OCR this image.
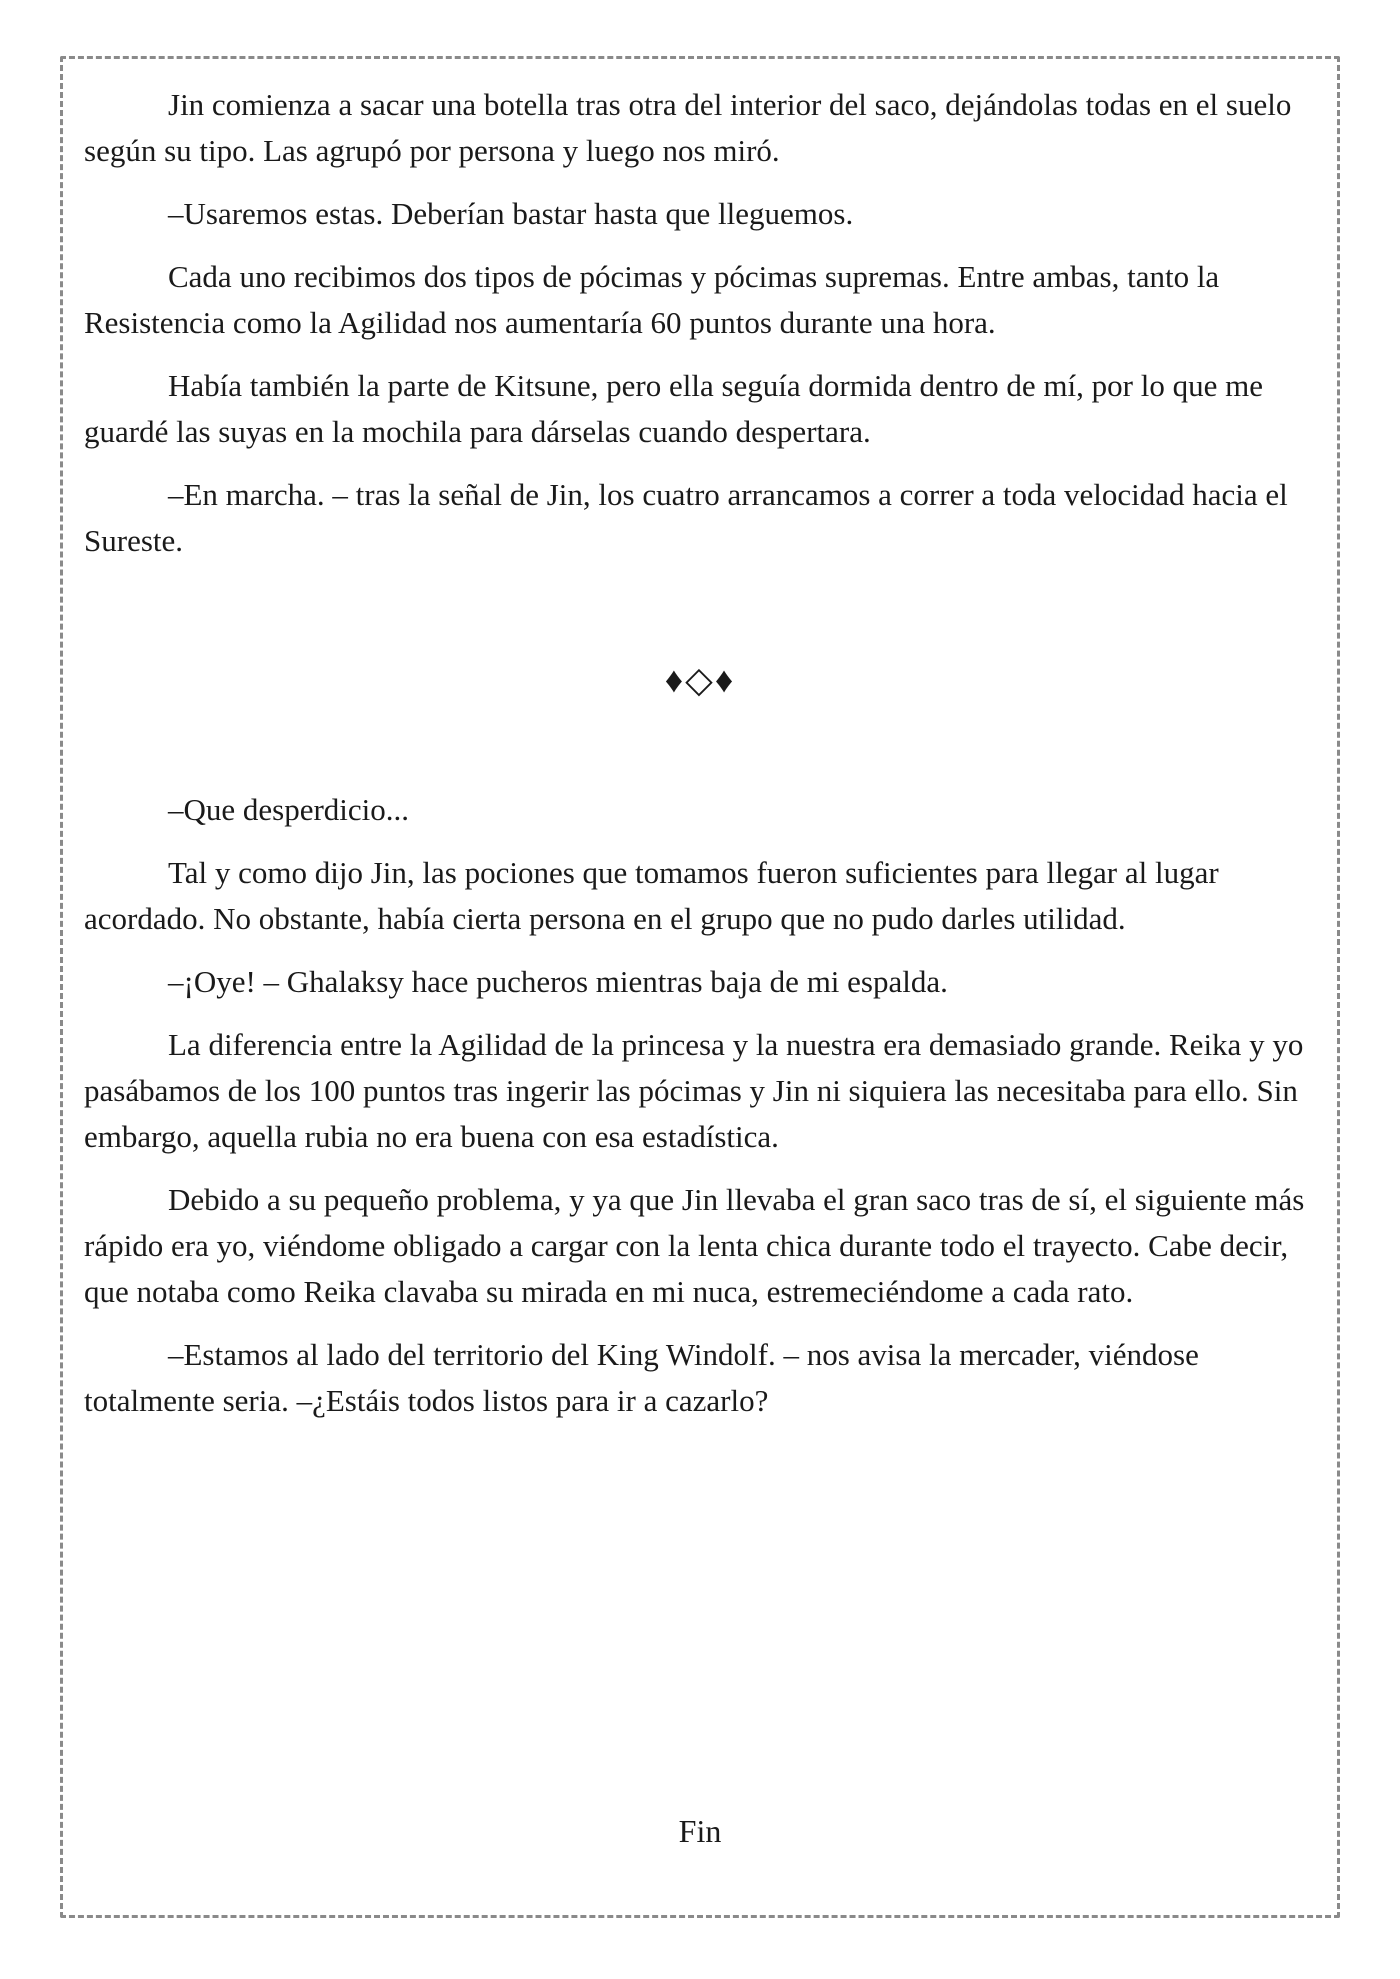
Jin comienza a sacar una botella tras otra del interior del saco, dejándolas todas en el suelo según su tipo. Las agrupó por persona y luego nos miró.

–Usaremos estas. Deberían bastar hasta que lleguemos.

Cada uno recibimos dos tipos de pócimas y pócimas supremas. Entre ambas, tanto la Resistencia como la Agilidad nos aumentaría 60 puntos durante una hora.

Había también la parte de Kitsune, pero ella seguía dormida dentro de mí, por lo que me guardé las suyas en la mochila para dárselas cuando despertara.

–En marcha. – tras la señal de Jin, los cuatro arrancamos a correr a toda velocidad hacia el Sureste.

♦◇♦

–Que desperdicio...

Tal y como dijo Jin, las pociones que tomamos fueron suficientes para llegar al lugar acordado. No obstante, había cierta persona en el grupo que no pudo darles utilidad.

–¡Oye! – Ghalaksy hace pucheros mientras baja de mi espalda.

La diferencia entre la Agilidad de la princesa y la nuestra era demasiado grande. Reika y yo pasábamos de los 100 puntos tras ingerir las pócimas y Jin ni siquiera las necesitaba para ello. Sin embargo, aquella rubia no era buena con esa estadística.

Debido a su pequeño problema, y ya que Jin llevaba el gran saco tras de sí, el siguiente más rápido era yo, viéndome obligado a cargar con la lenta chica durante todo el trayecto. Cabe decir, que notaba como Reika clavaba su mirada en mi nuca, estremeciéndome a cada rato.

–Estamos al lado del territorio del King Windolf. – nos avisa la mercader, viéndose totalmente seria. –¿Estáis todos listos para ir a cazarlo?

Fin
